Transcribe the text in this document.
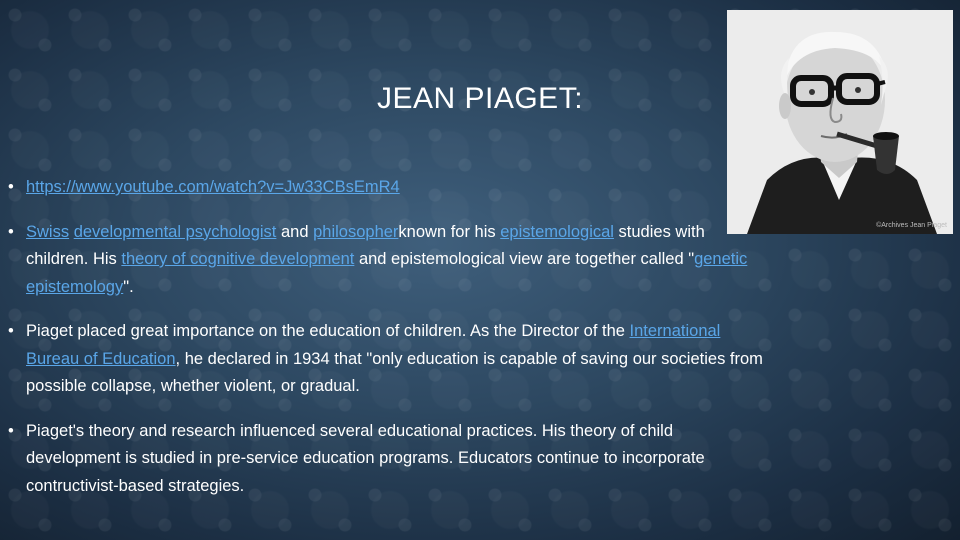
JEAN PIAGET:
©Archives Jean Piaget
• https://www.youtube.com/watch?v=Jw33CBsEmR4
• Swiss developmental psychologist and philosopherknown for his epistemological studies with children. His theory of cognitive development and epistemological view are together called "genetic epistemology".
• Piaget placed great importance on the education of children. As the Director of the International Bureau of Education, he declared in 1934 that "only education is capable of saving our societies from possible collapse, whether violent, or gradual.
• Piaget's theory and research influenced several educational practices. His theory of child development is studied in pre-service education programs. Educators continue to incorporate contructivist-based strategies.
